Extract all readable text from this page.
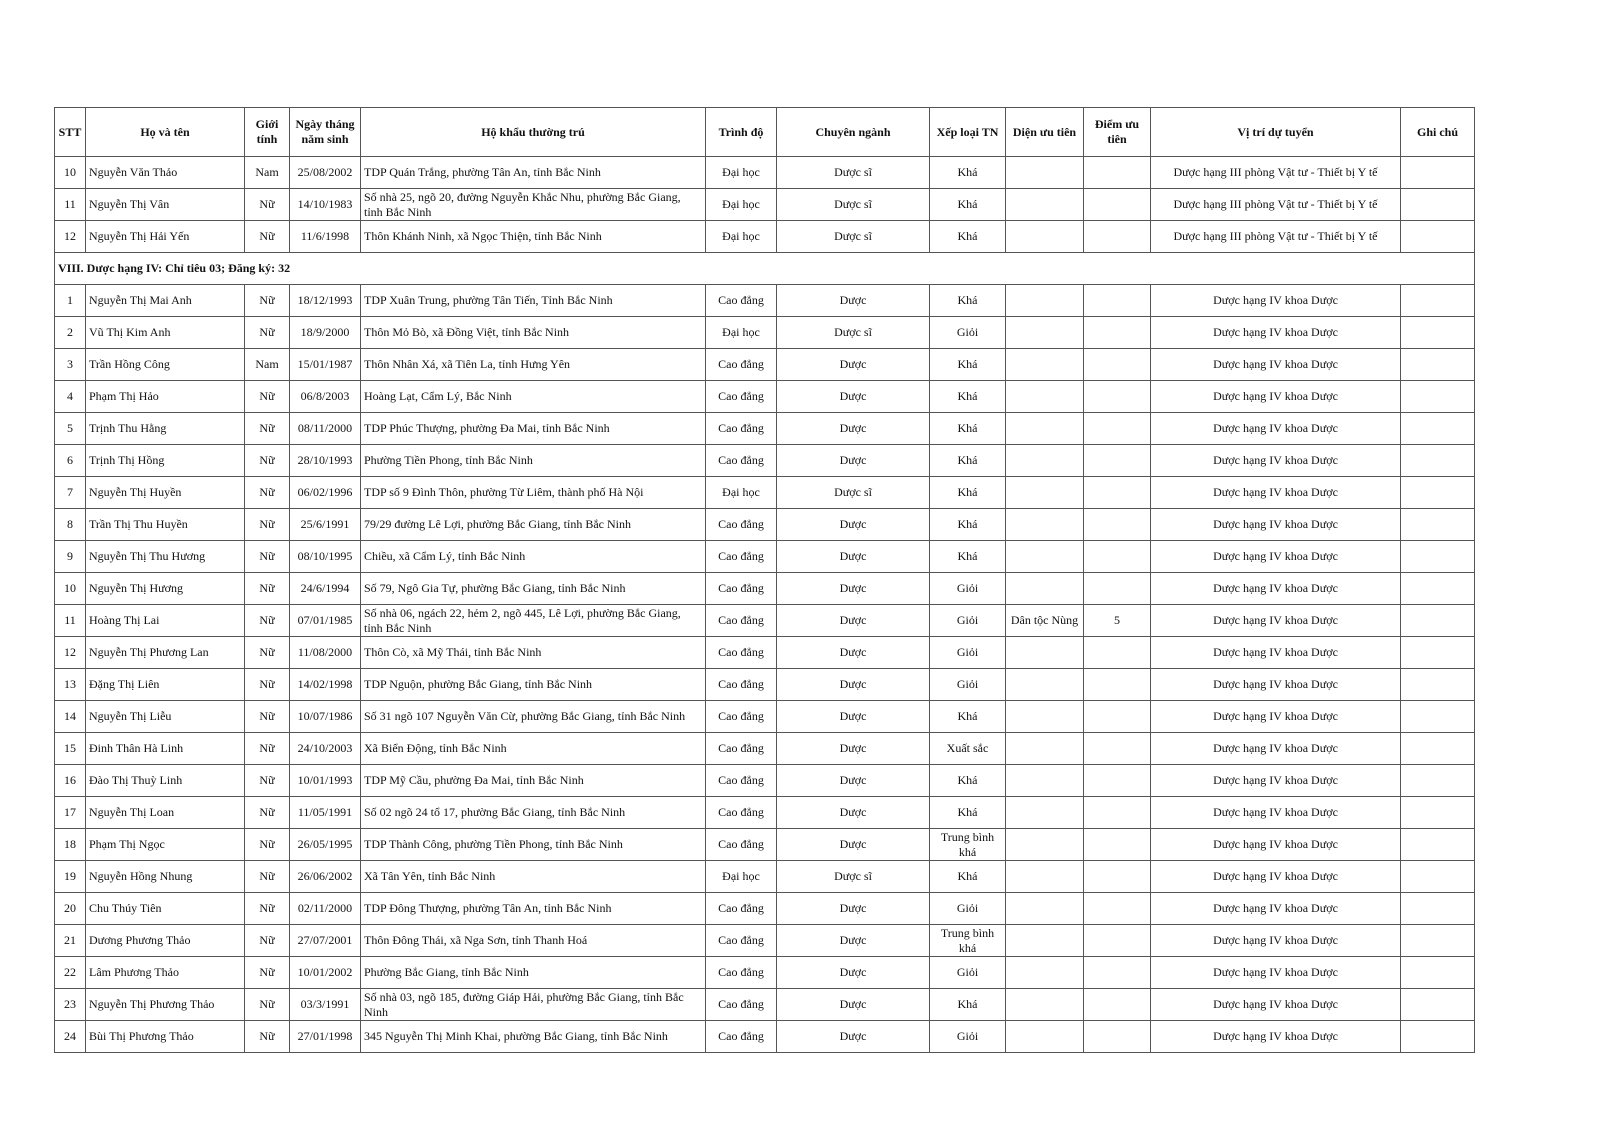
STT	Họ và tên	Giới tính	Ngày tháng năm sinh	Hộ khẩu thường trú	Trình độ	Chuyên ngành	Xếp loại TN	Diện ưu tiên	Điểm ưu tiên	Vị trí dự tuyển	Ghi chú
10	Nguyễn Văn Thảo	Nam	25/08/2002	TDP Quán Trắng, phường Tân An, tỉnh Bắc Ninh	Đại học	Dược sĩ	Khá			Dược hạng III phòng Vật tư - Thiết bị Y tế	
11	Nguyễn Thị Vân	Nữ	14/10/1983	Số nhà 25, ngõ 20, đường Nguyễn Khắc Nhu, phường Bắc Giang, tỉnh Bắc Ninh	Đại học	Dược sĩ	Khá			Dược hạng III phòng Vật tư - Thiết bị Y tế	
12	Nguyễn Thị Hải Yến	Nữ	11/6/1998	Thôn Khánh Ninh, xã Ngọc Thiện, tỉnh Bắc Ninh	Đại học	Dược sĩ	Khá			Dược hạng III phòng Vật tư - Thiết bị Y tế	
VIII. Dược hạng IV: Chỉ tiêu 03; Đăng ký: 32											
1	Nguyễn Thị Mai Anh	Nữ	18/12/1993	TDP Xuân Trung, phường Tân Tiến, Tỉnh Bắc Ninh	Cao đẳng	Dược	Khá			Dược hạng IV khoa Dược	
2	Vũ Thị Kim Anh	Nữ	18/9/2000	Thôn Mỏ Bò, xã Đồng Việt, tỉnh Bắc Ninh	Đại học	Dược sĩ	Giỏi			Dược hạng IV khoa Dược	
3	Trần Hồng Công	Nam	15/01/1987	Thôn Nhân Xá, xã Tiên La, tỉnh Hưng Yên	Cao đẳng	Dược	Khá			Dược hạng IV khoa Dược	
4	Phạm Thị Hảo	Nữ	06/8/2003	Hoàng Lạt, Cẩm Lý, Bắc Ninh	Cao đẳng	Dược	Khá			Dược hạng IV khoa Dược	
5	Trịnh Thu Hằng	Nữ	08/11/2000	TDP Phúc Thượng, phường Đa Mai, tỉnh Bắc Ninh	Cao đẳng	Dược	Khá			Dược hạng IV khoa Dược	
6	Trịnh Thị Hồng	Nữ	28/10/1993	Phường Tiền Phong, tỉnh Bắc Ninh	Cao đẳng	Dược	Khá			Dược hạng IV khoa Dược	
7	Nguyễn Thị Huyền	Nữ	06/02/1996	TDP số 9 Đình Thôn, phường Từ Liêm, thành phố Hà Nội	Đại học	Dược sĩ	Khá			Dược hạng IV khoa Dược	
8	Trần Thị Thu Huyền	Nữ	25/6/1991	79/29 đường Lê Lợi, phường Bắc Giang, tỉnh Bắc Ninh	Cao đẳng	Dược	Khá			Dược hạng IV khoa Dược	
9	Nguyễn Thị Thu Hương	Nữ	08/10/1995	Chiều, xã Cẩm Lý, tỉnh Bắc Ninh	Cao đẳng	Dược	Khá			Dược hạng IV khoa Dược	
10	Nguyễn Thị Hương	Nữ	24/6/1994	Số 79, Ngô Gia Tự, phường Bắc Giang, tỉnh Bắc Ninh	Cao đẳng	Dược	Giỏi			Dược hạng IV khoa Dược	
11	Hoàng Thị Lai	Nữ	07/01/1985	Số nhà 06, ngách 22, hẻm 2, ngõ 445, Lê Lợi, phường Bắc Giang, tỉnh Bắc Ninh	Cao đẳng	Dược	Giỏi	Dân tộc Nùng	5	Dược hạng IV khoa Dược	
12	Nguyễn Thị Phương Lan	Nữ	11/08/2000	Thôn Cò, xã Mỹ Thái, tỉnh Bắc Ninh	Cao đẳng	Dược	Giỏi			Dược hạng IV khoa Dược	
13	Đặng Thị Liên	Nữ	14/02/1998	TDP Nguộn, phường Bắc Giang, tỉnh Bắc Ninh	Cao đẳng	Dược	Giỏi			Dược hạng IV khoa Dược	
14	Nguyễn Thị Liễu	Nữ	10/07/1986	Số 31 ngõ 107 Nguyễn Văn Cừ, phường Bắc Giang, tỉnh Bắc Ninh	Cao đẳng	Dược	Khá			Dược hạng IV khoa Dược	
15	Đinh Thân Hà Linh	Nữ	24/10/2003	Xã Biển Động, tỉnh Bắc Ninh	Cao đẳng	Dược	Xuất sắc			Dược hạng IV khoa Dược	
16	Đào Thị Thuỳ Linh	Nữ	10/01/1993	TDP Mỹ Cầu, phường Đa Mai, tỉnh Bắc Ninh	Cao đẳng	Dược	Khá			Dược hạng IV khoa Dược	
17	Nguyễn Thị Loan	Nữ	11/05/1991	Số 02 ngõ 24 tổ 17, phường Bắc Giang, tỉnh Bắc Ninh	Cao đẳng	Dược	Khá			Dược hạng IV khoa Dược	
18	Phạm Thị Ngọc	Nữ	26/05/1995	TDP Thành Công, phường Tiền Phong, tỉnh Bắc Ninh	Cao đẳng	Dược	Trung bình khá			Dược hạng IV khoa Dược	
19	Nguyễn Hồng Nhung	Nữ	26/06/2002	Xã Tân Yên, tỉnh Bắc Ninh	Đại học	Dược sĩ	Khá			Dược hạng IV khoa Dược	
20	Chu Thúy Tiên	Nữ	02/11/2000	TDP Đông Thượng, phường Tân An, tỉnh Bắc Ninh	Cao đẳng	Dược	Giỏi			Dược hạng IV khoa Dược	
21	Dương Phương Thảo	Nữ	27/07/2001	Thôn Đông Thái, xã Nga Sơn, tỉnh Thanh Hoá	Cao đẳng	Dược	Trung bình khá			Dược hạng IV khoa Dược	
22	Lâm Phương Thảo	Nữ	10/01/2002	Phường Bắc Giang, tỉnh Bắc Ninh	Cao đẳng	Dược	Giỏi			Dược hạng IV khoa Dược	
23	Nguyễn Thị Phương Thảo	Nữ	03/3/1991	Số nhà 03, ngõ 185, đường Giáp Hải, phường Bắc Giang, tỉnh Bắc Ninh	Cao đẳng	Dược	Khá			Dược hạng IV khoa Dược	
24	Bùi Thị Phương Thảo	Nữ	27/01/1998	345 Nguyễn Thị Minh Khai, phường Bắc Giang, tỉnh Bắc Ninh	Cao đẳng	Dược	Giỏi			Dược hạng IV khoa Dược	
